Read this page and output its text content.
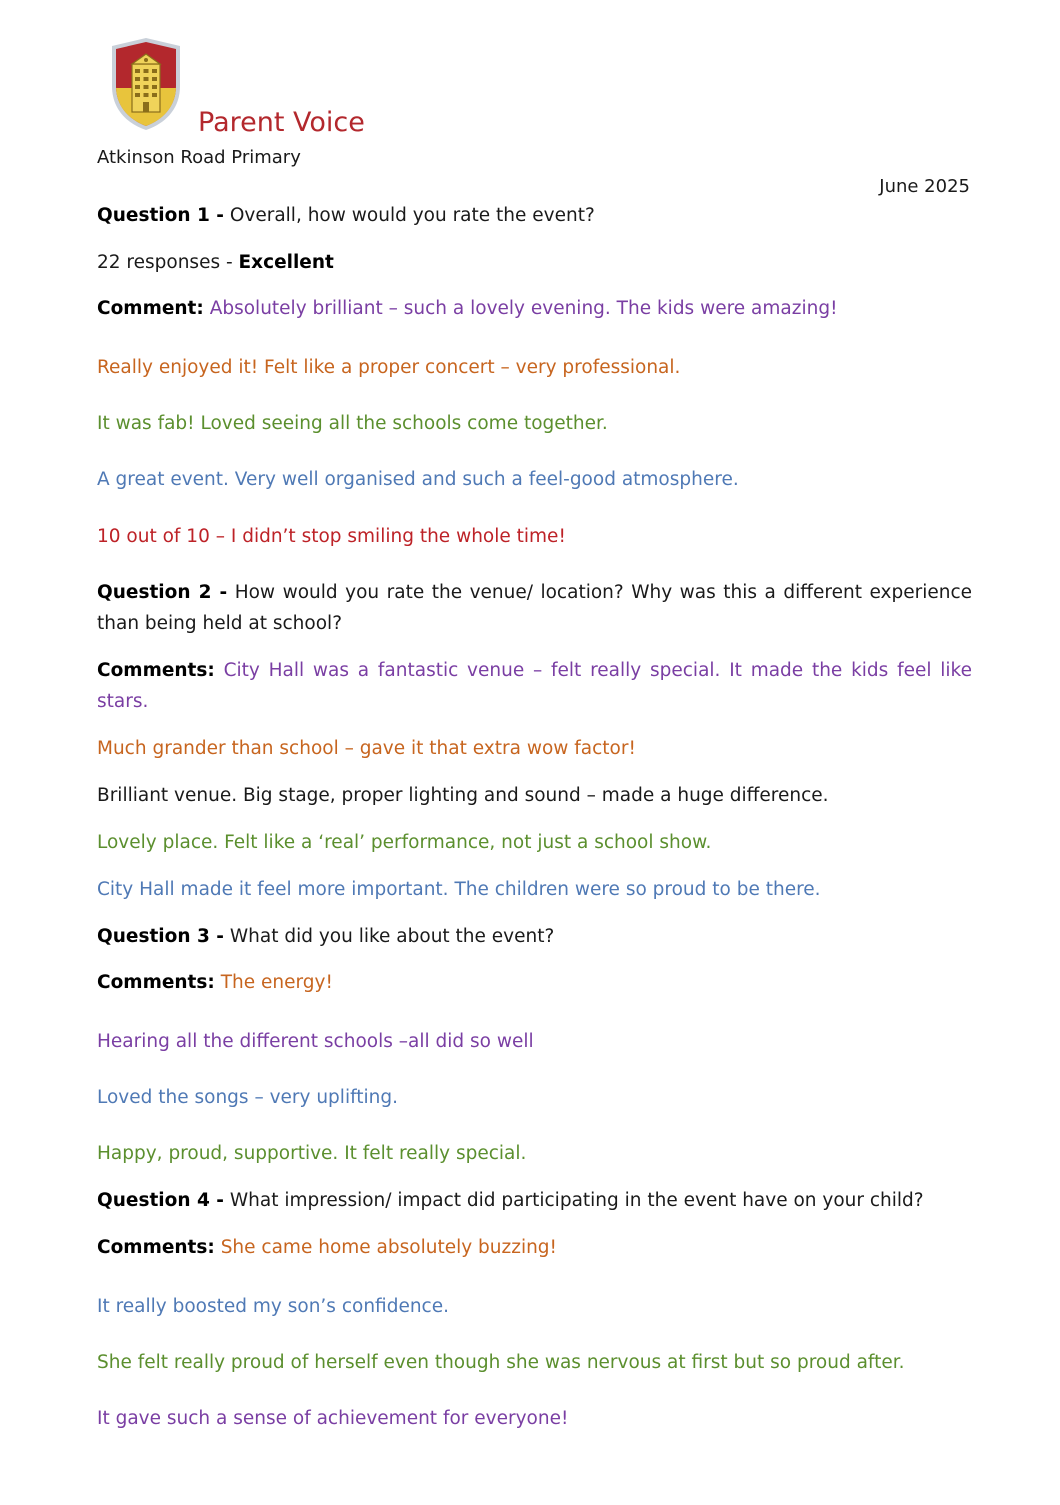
Parent Voice
Atkinson Road Primary
June 2025
Question 1 - Overall, how would you rate the event?
22 responses - Excellent
Comment: Absolutely brilliant – such a lovely evening. The kids were amazing!
Really enjoyed it! Felt like a proper concert – very professional.
It was fab! Loved seeing all the schools come together.
A great event. Very well organised and such a feel-good atmosphere.
10 out of 10 – I didn’t stop smiling the whole time!
Question 2 - How would you rate the venue/ location? Why was this a different experience than being held at school?
Comments: City Hall was a fantastic venue – felt really special. It made the kids feel like stars.
Much grander than school – gave it that extra wow factor!
Brilliant venue. Big stage, proper lighting and sound – made a huge difference.
Lovely place. Felt like a ‘real’ performance, not just a school show.
City Hall made it feel more important. The children were so proud to be there.
Question 3 - What did you like about the event?
Comments: The energy!
Hearing all the different schools –all did so well
Loved the songs – very uplifting.
Happy, proud, supportive. It felt really special.
Question 4 - What impression/ impact did participating in the event have on your child?
Comments: She came home absolutely buzzing!
It really boosted my son’s confidence.
She felt really proud of herself even though she was nervous at first but so proud after.
It gave such a sense of achievement for everyone!
